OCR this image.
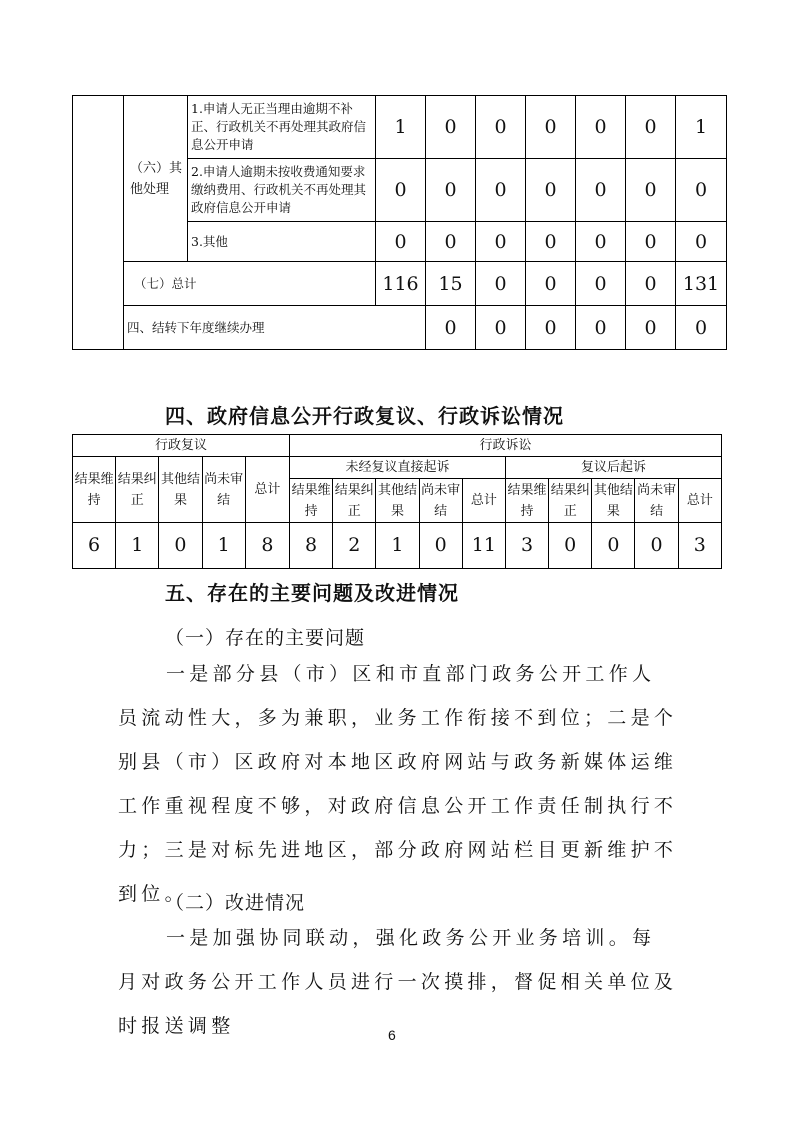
	（六）其他处理	1.申请人无正当理由逾期不补正、行政机关不再处理其政府信息公开申请	1	0	0	0	0	0	1	
		2.申请人逾期未按收费通知要求缴纳费用、行政机关不再处理其政府信息公开申请	0	0	0	0	0	0	0	
		3.其他	0	0	0	0	0	0	0	
	（七）总计		116	15	0	0	0	0	131	
	四、结转下年度继续办理			0	0	0	0	0	0	
四、政府信息公开行政复议、行政诉讼情况
行政复议					行政诉讼									
结果维持	结果纠正	其他结果	尚未审结	总计	未经复议直接起诉					复议后起诉				
					结果维持	结果纠正	其他结果	尚未审结	总计	结果维持	结果纠正	其他结果	尚未审结	总计
6	1	0	1	8	8	2	1	0	11	3	0	0	0	3
五、存在的主要问题及改进情况
（一）存在的主要问题

一是部分县（市）区和市直部门政务公开工作人员流动性大，多为兼职，业务工作衔接不到位；二是个别县（市）区政府对本地区政府网站与政务新媒体运维工作重视程度不够，对政府信息公开工作责任制执行不力；三是对标先进地区，部分政府网站栏目更新维护不到位。

（二）改进情况

一是加强协同联动，强化政务公开业务培训。每月对政务公开工作人员进行一次摸排，督促相关单位及时报送调整	6
